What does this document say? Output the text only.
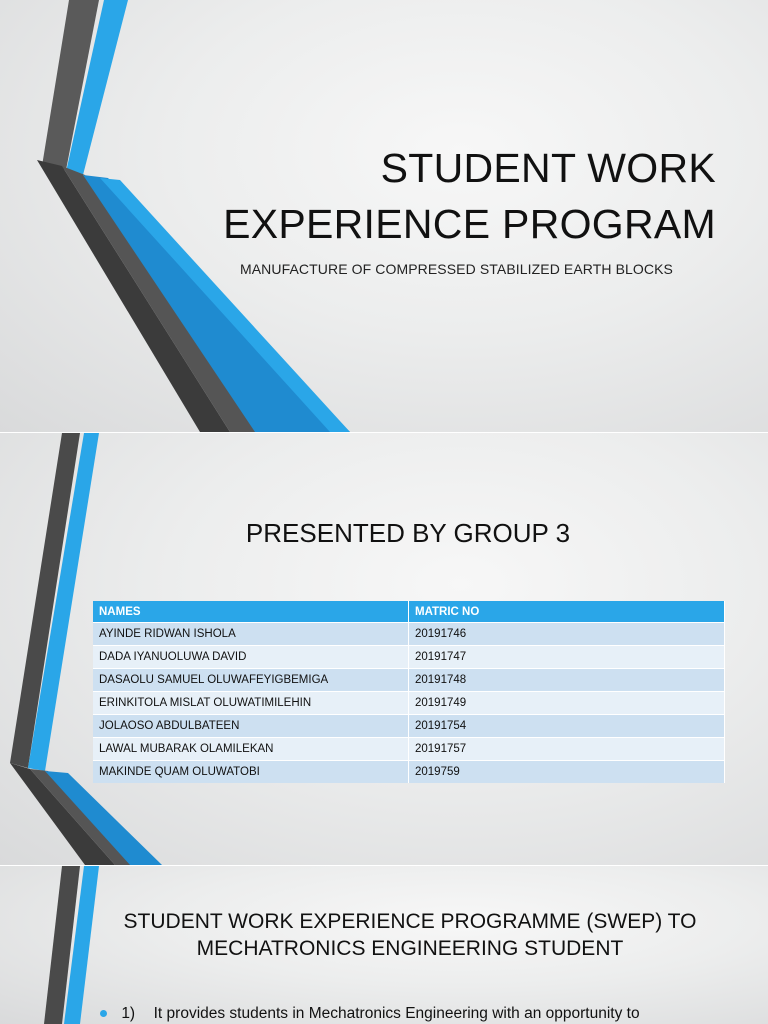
STUDENT WORK
EXPERIENCE PROGRAM
MANUFACTURE OF COMPRESSED STABILIZED EARTH BLOCKS
PRESENTED BY GROUP 3
NAMES	MATRIC NO
AYINDE RIDWAN ISHOLA	20191746
DADA IYANUOLUWA DAVID	20191747
DASAOLU SAMUEL OLUWAFEYIGBEMIGA	20191748
ERINKITOLA MISLAT OLUWATIMILEHIN	20191749
JOLAOSO ABDULBATEEN	20191754
LAWAL MUBARAK OLAMILEKAN	20191757
MAKINDE QUAM OLUWATOBI	2019759
STUDENT WORK EXPERIENCE PROGRAMME (SWEP) TO
MECHATRONICS ENGINEERING STUDENT
1) It provides students in Mechatronics Engineering with an opportunity to
